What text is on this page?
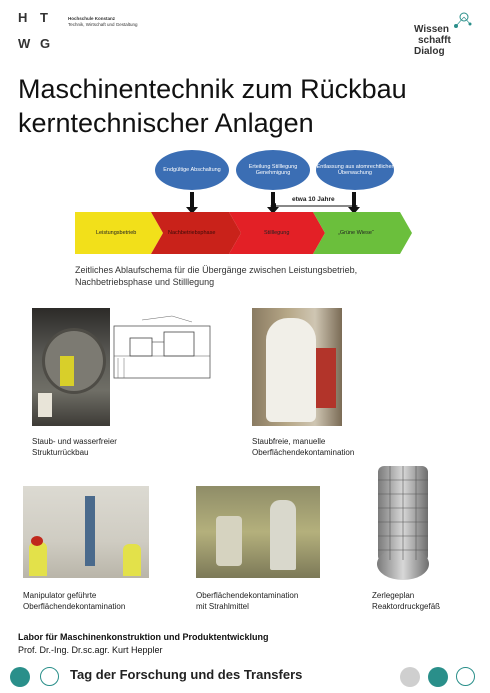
H T
W G
Hochschule Konstanz
Technik, Wirtschaft und Gestaltung	Wissen
schafft
Dialog
Maschinentechnik zum Rückbau
kerntechnischer Anlagen
Endgültige Abschaltung
Erteilung Stilllegung Genehmigung
Entlassung aus atomrechtlicher Überwachung
etwa 10 Jahre
Leistungsbetrieb	Nachbetriebsphase	Stilllegung	„Grüne Wiese“
Zeitliches Ablaufschema für die Übergänge zwischen Leistungsbetrieb,
Nachbetriebsphase und Stilllegung
Staub- und wasserfreier
Strukturrückbau
Staubfreie, manuelle
Oberflächendekontamination
Manipulator geführte
Oberflächendekontamination
Oberflächendekontamination
mit Strahlmittel
Zerlegeplan
Reaktordruckgefäß
Labor für Maschinenkonstruktion und Produktentwicklung
Prof. Dr.-Ing. Dr.sc.agr. Kurt Heppler
Tag der Forschung und des Transfers
